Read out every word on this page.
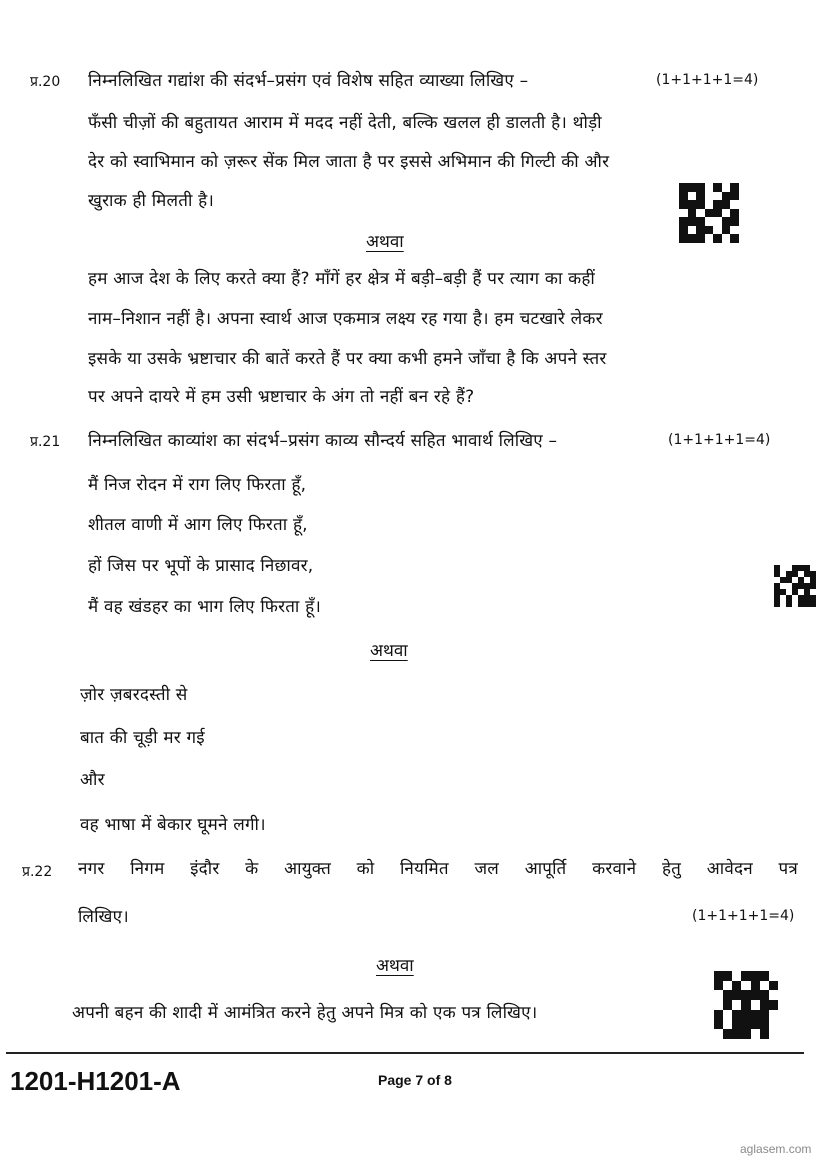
प्र.20 निम्नलिखित गद्यांश की संदर्भ–प्रसंग एवं विशेष सहित व्याख्या लिखिए –	(1+1+1+1=4)
फँसी चीज़ों की बहुतायत आराम में मदद नहीं देती, बल्कि खलल ही डालती है। थोड़ी
देर को स्वाभिमान को ज़रूर सेंक मिल जाता है पर इससे अभिमान की गिल्टी की और
खुराक ही मिलती है।
अथवा
हम आज देश के लिए करते क्या हैं? माँगें हर क्षेत्र में बड़ी–बड़ी हैं पर त्याग का कहीं
नाम–निशान नहीं है। अपना स्वार्थ आज एकमात्र लक्ष्य रह गया है। हम चटखारे लेकर
इसके या उसके भ्रष्टाचार की बातें करते हैं पर क्या कभी हमने जाँचा है कि अपने स्तर
पर अपने दायरे में हम उसी भ्रष्टाचार के अंग तो नहीं बन रहे हैं?
प्र.21 निम्नलिखित काव्यांश का संदर्भ–प्रसंग काव्य सौन्दर्य सहित भावार्थ लिखिए –	(1+1+1+1=4)
मैं निज रोदन में राग लिए फिरता हूँ,
शीतल वाणी में आग लिए फिरता हूँ,
हों जिस पर भूपों के प्रासाद निछावर,
मैं वह खंडहर का भाग लिए फिरता हूँ।
अथवा
ज़ोर ज़बरदस्ती से
बात की चूड़ी मर गई
और
वह भाषा में बेकार घूमने लगी।
प्र.22 नगर निगम इंदौर के आयुक्त को नियमित जल आपूर्ति करवाने हेतु आवेदन पत्र
लिखिए।	(1+1+1+1=4)
अथवा
अपनी बहन की शादी में आमंत्रित करने हेतु अपने मित्र को एक पत्र लिखिए।
1201-H1201-A	Page 7 of 8
aglasem.com
